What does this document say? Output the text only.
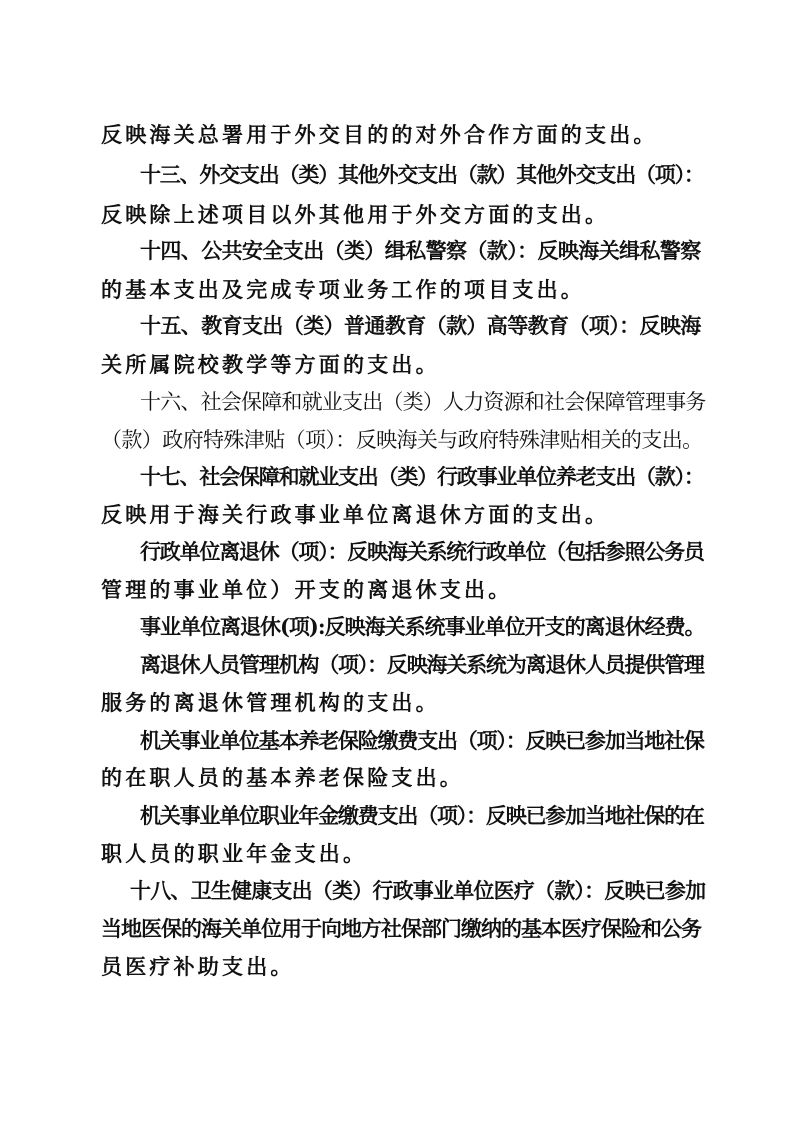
反映海关总署用于外交目的的对外合作方面的支出。
十三、外交支出（类）其他外交支出（款）其他外交支出（项）：
反映除上述项目以外其他用于外交方面的支出。
十四、公共安全支出（类）缉私警察（款）：反映海关缉私警察
的基本支出及完成专项业务工作的项目支出。
十五、教育支出（类）普通教育（款）高等教育（项）：反映海
关所属院校教学等方面的支出。
十六、社会保障和就业支出（类）人力资源和社会保障管理事务
（款）政府特殊津贴（项）：反映海关与政府特殊津贴相关的支出。
十七、社会保障和就业支出（类）行政事业单位养老支出（款）：
反映用于海关行政事业单位离退休方面的支出。
行政单位离退休（项）：反映海关系统行政单位（包括参照公务员
管理的事业单位）开支的离退休支出。
事业单位离退休(项):反映海关系统事业单位开支的离退休经费。
离退休人员管理机构（项）：反映海关系统为离退休人员提供管理
服务的离退休管理机构的支出。
机关事业单位基本养老保险缴费支出（项）：反映已参加当地社保
的在职人员的基本养老保险支出。
机关事业单位职业年金缴费支出（项）：反映已参加当地社保的在
职人员的职业年金支出。
十八、卫生健康支出（类）行政事业单位医疗（款）：反映已参加
当地医保的海关单位用于向地方社保部门缴纳的基本医疗保险和公务
员医疗补助支出。
